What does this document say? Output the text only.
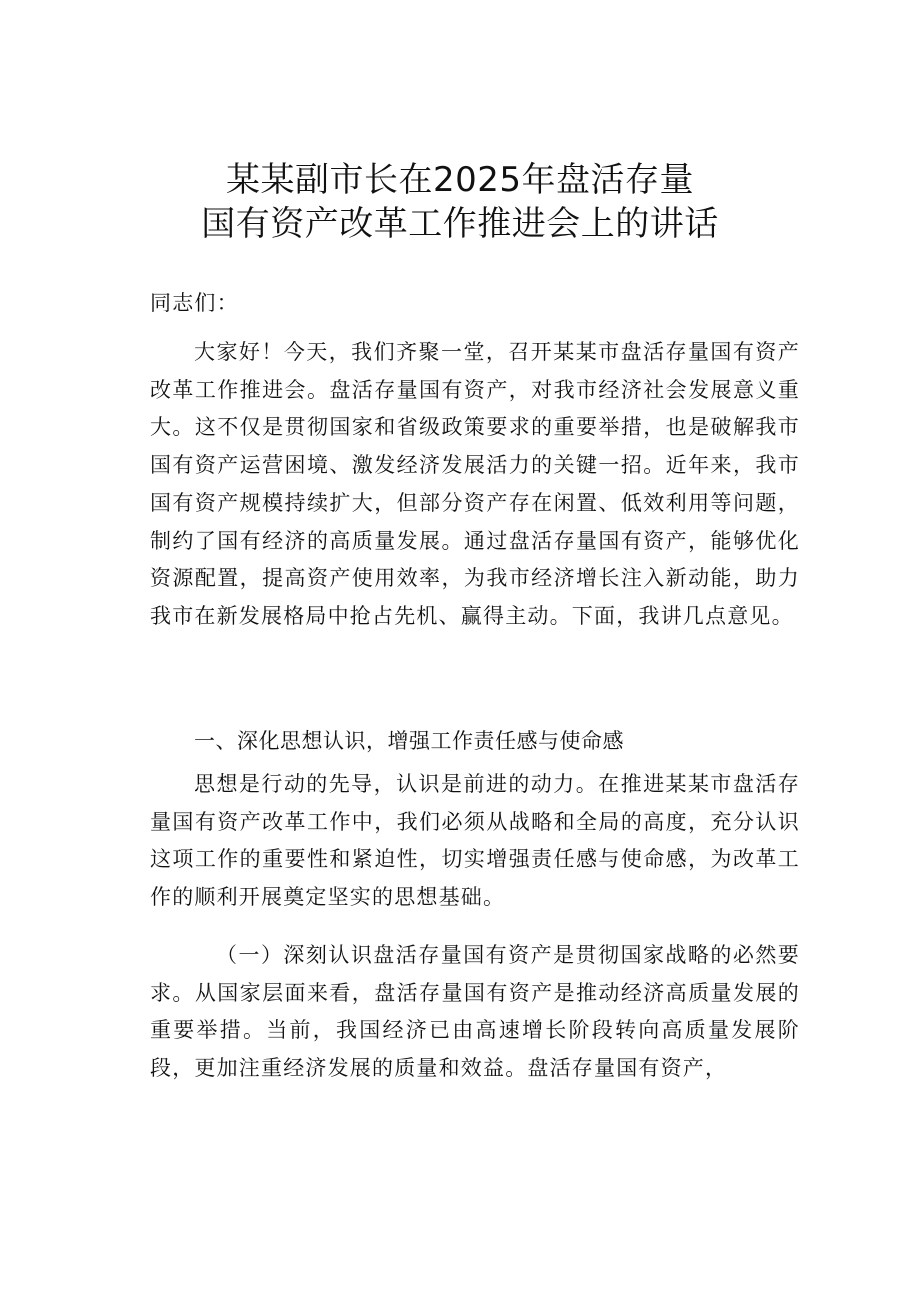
某某副市长在2025年盘活存量
国有资产改革工作推进会上的讲话

同志们：

大家好！今天，我们齐聚一堂，召开某某市盘活存量国有资产改革工作推进会。盘活存量国有资产，对我市经济社会发展意义重大。这不仅是贯彻国家和省级政策要求的重要举措，也是破解我市国有资产运营困境、激发经济发展活力的关键一招。近年来，我市国有资产规模持续扩大，但部分资产存在闲置、低效利用等问题，制约了国有经济的高质量发展。通过盘活存量国有资产，能够优化资源配置，提高资产使用效率，为我市经济增长注入新动能，助力我市在新发展格局中抢占先机、赢得主动。下面，我讲几点意见。

一、深化思想认识，增强工作责任感与使命感

思想是行动的先导，认识是前进的动力。在推进某某市盘活存量国有资产改革工作中，我们必须从战略和全局的高度，充分认识这项工作的重要性和紧迫性，切实增强责任感与使命感，为改革工作的顺利开展奠定坚实的思想基础。

（一）深刻认识盘活存量国有资产是贯彻国家战略的必然要求。从国家层面来看，盘活存量国有资产是推动经济高质量发展的重要举措。当前，我国经济已由高速增长阶段转向高质量发展阶段，更加注重经济发展的质量和效益。盘活存量国有资产，
